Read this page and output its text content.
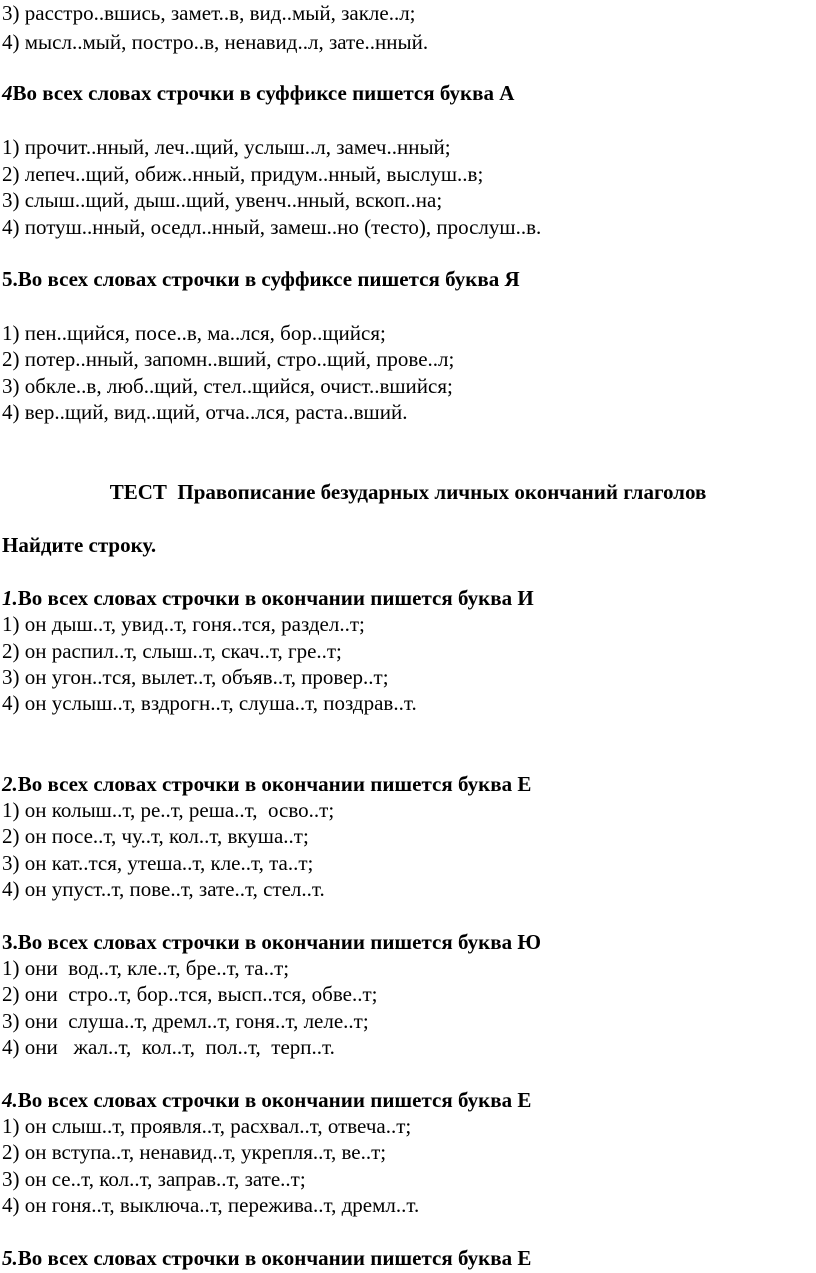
3) расстро..вшись, замет..в, вид..мый, закле..л;
4) мысл..мый, постро..в, ненавид..л, зате..нный.
4Во всех словах строчки в суффиксе пишется буква А
1) прочит..нный, леч..щий, услыш..л, замеч..нный;
2) лепеч..щий, обиж..нный, придум..нный, выслуш..в;
3) слыш..щий, дыш..щий, увенч..нный, вскоп..на;
4) потуш..нный, оседл..нный, замеш..но (тесто), прослуш..в.
5.Во всех словах строчки в суффиксе пишется буква Я
1) пен..щийся, посе..в, ма..лся, бор..щийся;
2) потер..нный, запомн..вший, стро..щий, прове..л;
3) обкле..в, люб..щий, стел..щийся, очист..вшийся;
4) вер..щий, вид..щий, отча..лся, раста..вший.
ТЕСТ  Правописание безударных личных окончаний глаголов
Найдите строку.
1.Во всех словах строчки в окончании пишется буква И
1) он дыш..т, увид..т, гоня..тся, раздел..т;
2) он распил..т, слыш..т, скач..т, гре..т;
3) он угон..тся, вылет..т, объяв..т, провер..т;
4) он услыш..т, вздрогн..т, слуша..т, поздрав..т.
2.Во всех словах строчки в окончании пишется буква Е
1) он колыш..т, ре..т, реша..т,  осво..т;
2) он посе..т, чу..т, кол..т, вкуша..т;
3) он кат..тся, утеша..т, кле..т, та..т;
4) он упуст..т, пове..т, зате..т, стел..т.
3.Во всех словах строчки в окончании пишется буква Ю
1) они  вод..т, кле..т, бре..т, та..т;
2) они  стро..т, бор..тся, высп..тся, обве..т;
3) они  слуша..т, дремл..т, гоня..т, леле..т;
4) они   жал..т,  кол..т,  пол..т,  терп..т.
4.Во всех словах строчки в окончании пишется буква Е
1) он слыш..т, проявля..т, расхвал..т, отвеча..т;
2) он вступа..т, ненавид..т, укрепля..т, ве..т;
3) он се..т, кол..т, заправ..т, зате..т;
4) он гоня..т, выключа..т, пережива..т, дремл..т.
5.Во всех словах строчки в окончании пишется буква Е
